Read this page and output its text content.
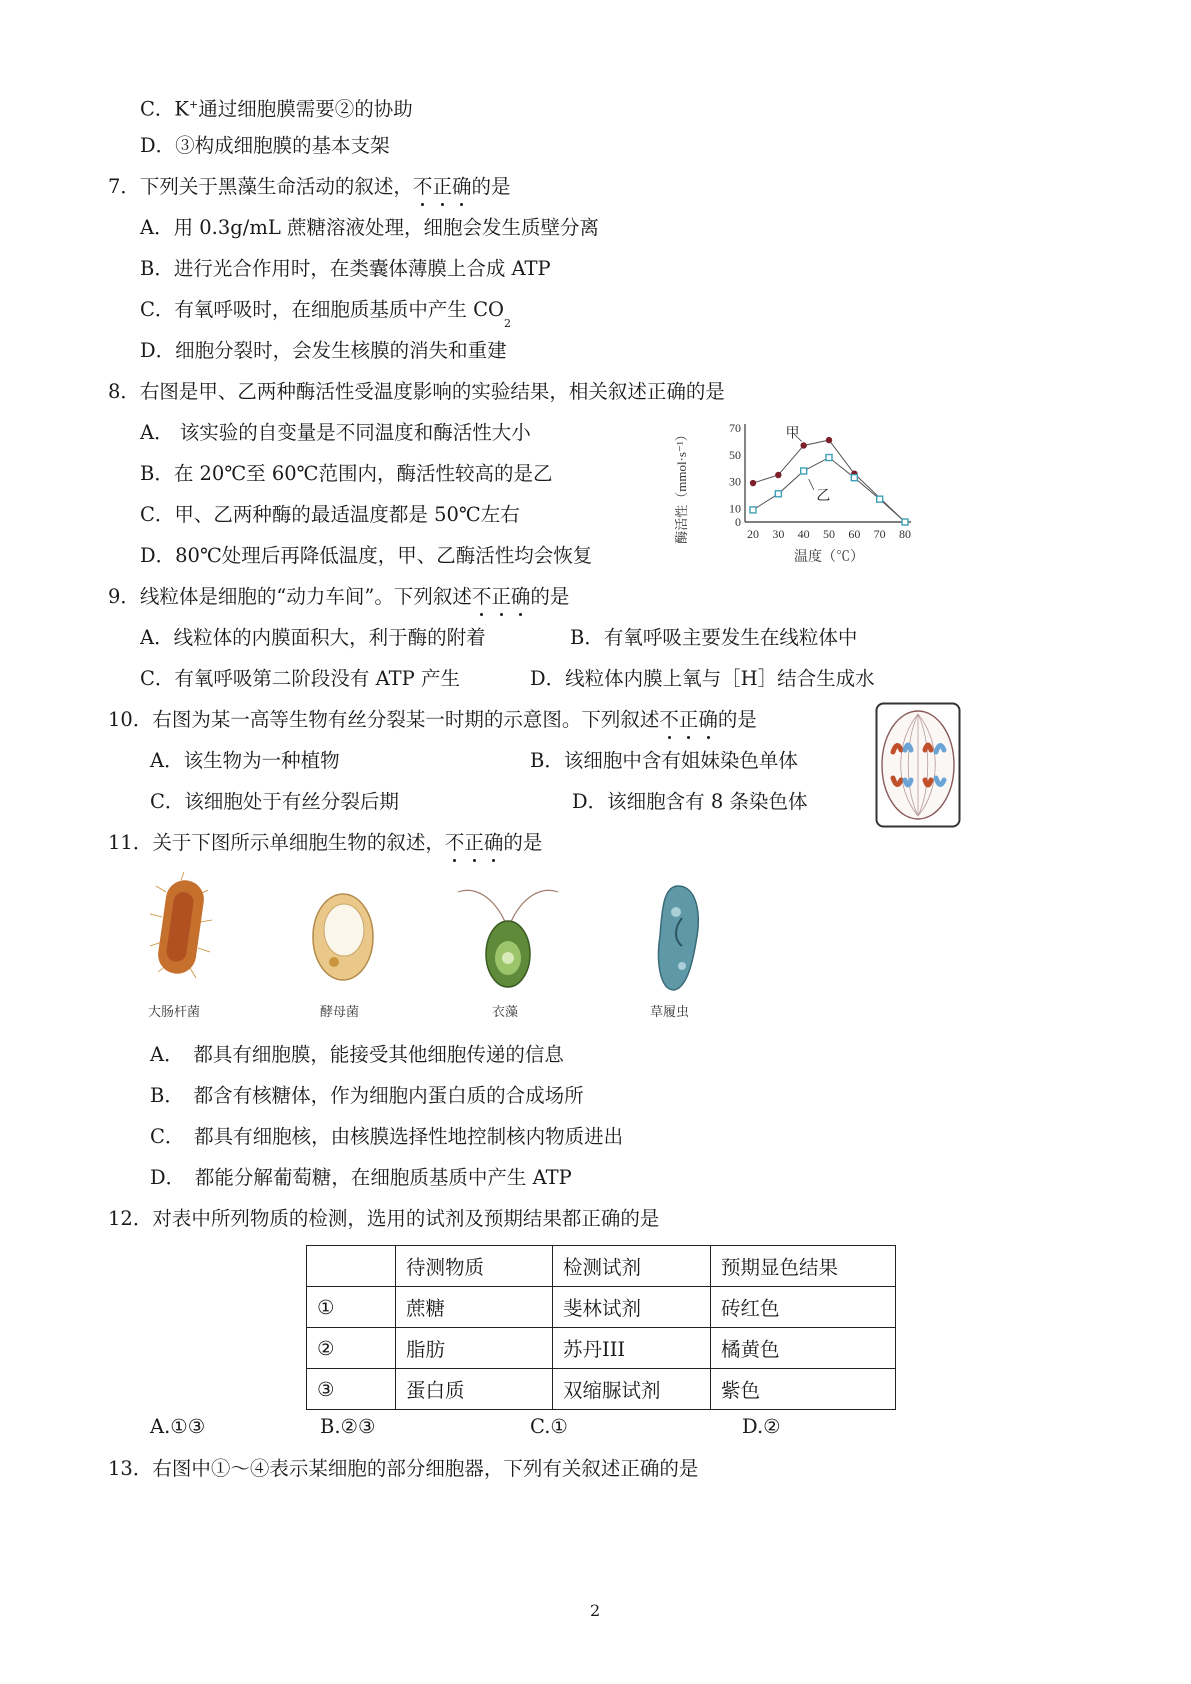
C．K+通过细胞膜需要②的协助
D．③构成细胞膜的基本支架
7．下列关于黑藻生命活动的叙述，不正确的是
A．用 0.3g/mL 蔗糖溶液处理，细胞会发生质壁分离
B．进行光合作用时，在类囊体薄膜上合成 ATP
C．有氧呼吸时，在细胞质基质中产生 $CO_2$
D．细胞分裂时，会发生核膜的消失和重建
8．右图是甲、乙两种酶活性受温度影响的实验结果，相关叙述正确的是
A． 该实验的自变量是不同温度和酶活性大小
B．在 20℃至 60℃范围内，酶活性较高的是乙
C．甲、乙两种酶的最适温度都是 50℃左右
D．80℃处理后再降低温度，甲、乙酶活性均会恢复
20 30 40 50 60 70 80
0
10
30
50
70	甲
乙
酶活性（mmol·s⁻¹）
温度（℃）
9．线粒体是细胞的“动力车间”。下列叙述不正确的是
A．线粒体的内膜面积大，利于酶的附着	B．有氧呼吸主要发生在线粒体中
C．有氧呼吸第二阶段没有 ATP 产生	D．线粒体内膜上氧与［H］结合生成水
10．右图为某一高等生物有丝分裂某一时期的示意图。下列叙述不正确的是
A．该生物为一种植物	B．该细胞中含有姐妹染色单体
C．该细胞处于有丝分裂后期	D．该细胞含有 8 条染色体
11．关于下图所示单细胞生物的叙述，不正确的是
大肠杆菌	酵母菌	衣藻	草履虫
A．　都具有细胞膜，能接受其他细胞传递的信息
B．　都含有核糖体，作为细胞内蛋白质的合成场所
C．　都具有细胞核，由核膜选择性地控制核内物质进出
D．　都能分解葡萄糖，在细胞质基质中产生 ATP
12．对表中所列物质的检测，选用的试剂及预期结果都正确的是
	待测物质	检测试剂	预期显色结果
①	蔗糖	斐林试剂	砖红色
②	脂肪	苏丹III	橘黄色
③	蛋白质	双缩脲试剂	紫色
A.①③	B.②③	C.①	D.②
13．右图中①～④表示某细胞的部分细胞器，下列有关叙述正确的是
2
